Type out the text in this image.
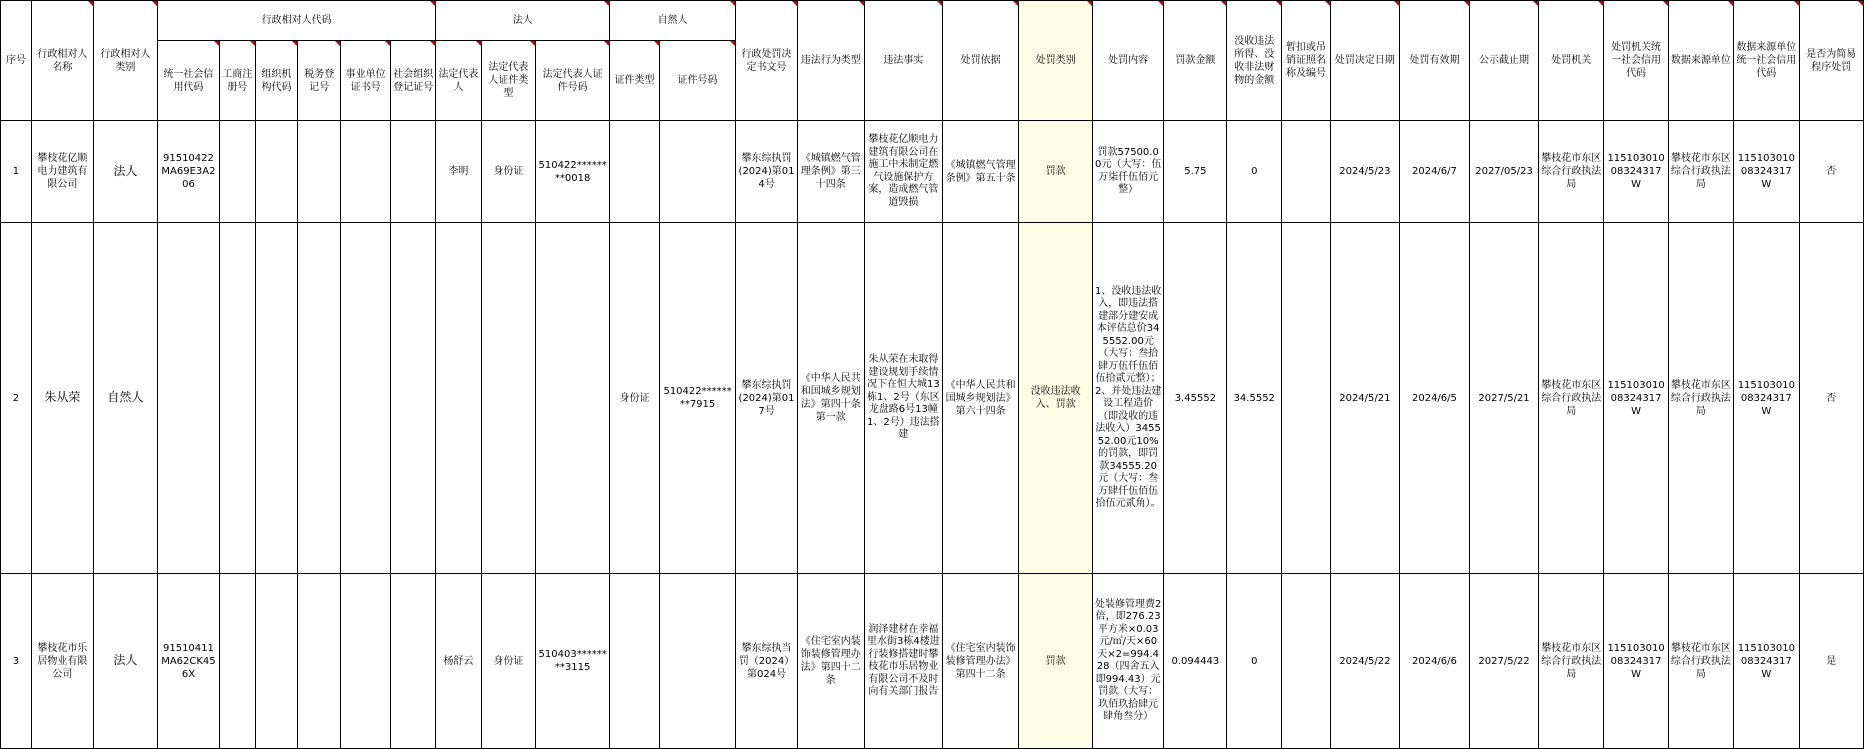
序号	行政相对人名称	行政相对人类别	行政相对人代码						法人			自然人		行政处罚决定书文号	违法行为类型	违法事实	处罚依据	处罚类别	处罚内容	罚款金额	没收违法所得、没收非法财物的金额	暂扣或吊销证照名称及编号	处罚决定日期	处罚有效期	公示截止期	处罚机关	处罚机关统一社会信用代码	数据来源单位	数据来源单位统一社会信用代码	是否为简易程序处罚

			统一社会信用代码	工商注册号	组织机构代码	税务登记号	事业单位证书号	社会组织登记证号	法定代表人	法定代表人证件类型	法定代表人证件号码	证件类型	证件号码																	

1	攀枝花亿顺电力建筑有限公司	法人	91510422MA69E3A206						李明	身份证	510422********0018			攀东综执罚(2024)第014号	《城镇燃气管理条例》第三十四条	攀枝花亿顺电力建筑有限公司在施工中未制定燃气设施保护方案，造成燃气管道毁损	《城镇燃气管理条例》第五十条	罚款	罚款57500.00元（大写：伍万柒仟伍佰元整）	5.75	0		2024/5/23	2024/6/7	2027/05/23	攀枝花市东区综合行政执法局	11510301008324317W	攀枝花市东区综合行政执法局	11510301008324317W	否
2	朱从荣	自然人										身份证	510422********7915	攀东综执罚(2024)第017号	《中华人民共和国城乡规划法》第四十条第一款	朱从荣在未取得建设规划手续情况下在恒大城13栋1、2号（东区龙盘路6号13幢1、2号）违法搭建	《中华人民共和国城乡规划法》第六十四条	没收违法收入、罚款	1、没收违法收入，即违法搭建部分建安成本评估总价345552.00元（大写：叁拾肆万伍仟伍佰伍拾贰元整）；2、并处违法建设工程造价（即没收的违法收入）345552.00元10%的罚款，即罚款34555.20元（大写：叁万肆仟伍佰伍拾伍元贰角）。	3.45552	34.5552		2024/5/21	2024/6/5	2027/5/21	攀枝花市东区综合行政执法局	11510301008324317W	攀枝花市东区综合行政执法局	11510301008324317W	否
3	攀枝花市乐居物业有限公司	法人	91510411MA62CK456X						杨舒云	身份证	510403********3115			攀东综执当罚（2024）第024号	《住宅室内装饰装修管理办法》第四十二条	润泽建材在幸福里水街3栋4楼进行装修搭建时攀枝花市乐居物业有限公司不及时向有关部门报告	《住宅室内装饰装修管理办法》第四十二条	罚款	处装修管理费2倍，即276.23平方米×0.03元/㎡/天×60天×2=994.428（四舍五入即994.43）元罚款（大写：玖佰玖拾肆元肆角叁分）	0.094443	0		2024/5/22	2024/6/6	2027/5/22	攀枝花市东区综合行政执法局	11510301008324317W	攀枝花市东区综合行政执法局	11510301008324317W	是
